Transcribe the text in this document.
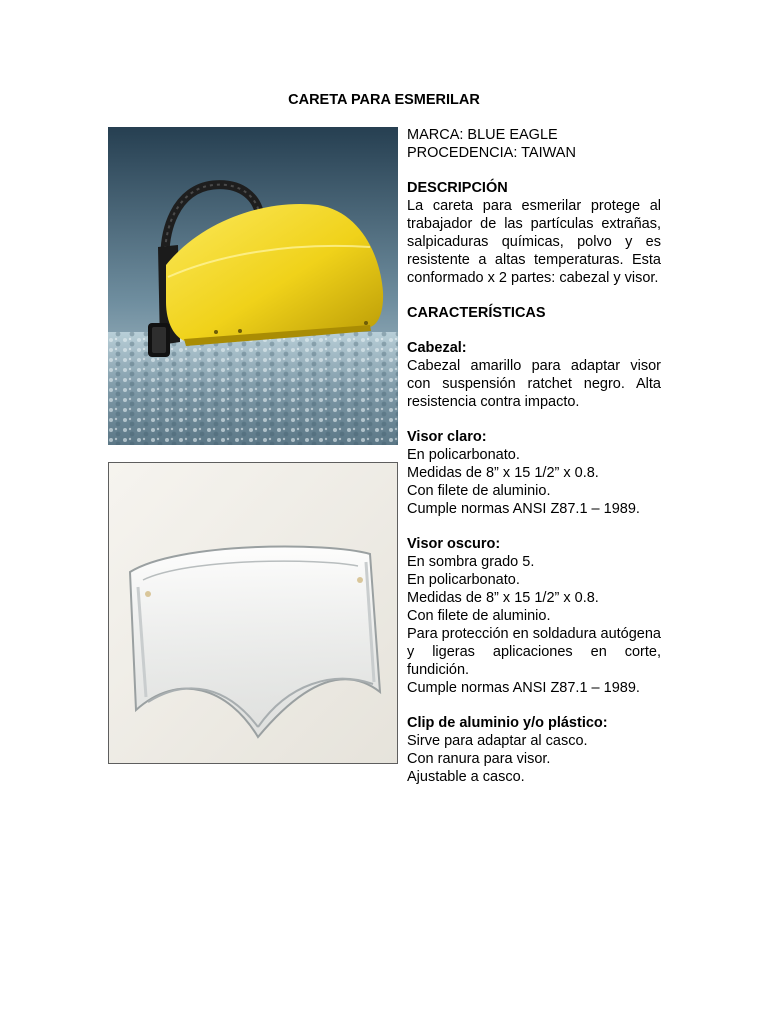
CARETA PARA ESMERILAR
MARCA: BLUE EAGLE
PROCEDENCIA: TAIWAN
DESCRIPCIÓN
La careta para esmerilar protege al trabajador de las partículas extrañas, salpicaduras químicas, polvo y es resistente a altas temperaturas. Esta conformado x 2 partes: cabezal y visor.
CARACTERÍSTICAS
Cabezal:
Cabezal amarillo para adaptar visor con suspensión ratchet negro. Alta resistencia contra impacto.
Visor claro:
En policarbonato.
Medidas de 8” x 15 1/2” x 0.8.
Con filete de aluminio.
Cumple normas ANSI Z87.1 – 1989.
Visor oscuro:
En sombra grado 5.
En policarbonato.
Medidas de 8” x 15 1/2” x 0.8.
Con filete de aluminio.
Para protección en soldadura autógena y ligeras aplicaciones en corte, fundición.
Cumple normas ANSI Z87.1 – 1989.
Clip de aluminio y/o plástico:
Sirve para adaptar al casco.
Con ranura para visor.
Ajustable a casco.
